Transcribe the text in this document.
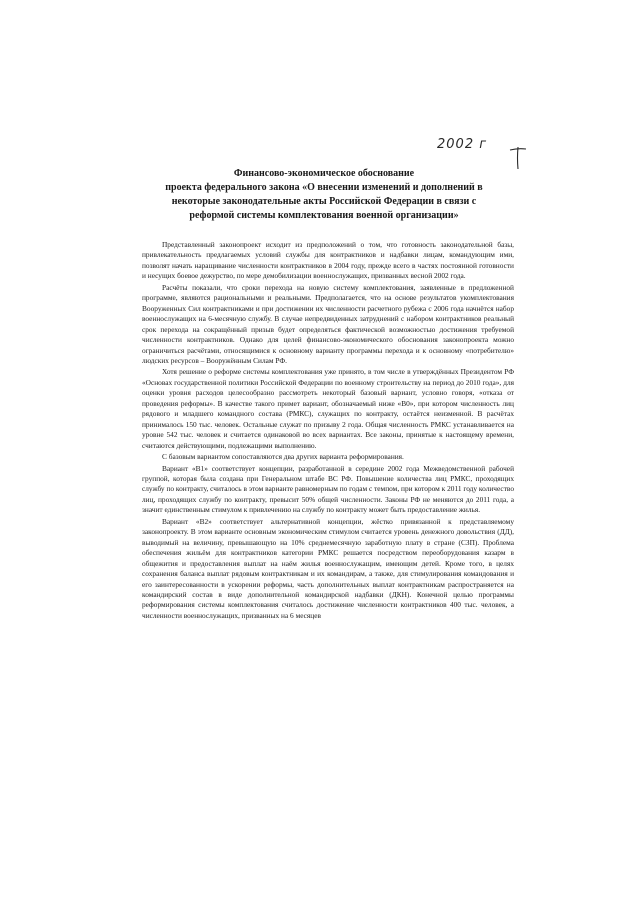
2002 г
Финансово-экономическое обоснование
проекта федерального закона «О внесении изменений и дополнений в
некоторые законодательные акты Российской Федерации в связи с
реформой системы комплектования военной организации»

Представленный законопроект исходит из предположений о том, что готовность законодательной базы, привлекательность предлагаемых условий службы для контрактников и надбавки лицам, командующим ими, позволят начать наращивание численности контрактников в 2004 году, прежде всего в частях постоянной готовности и несущих боевое дежурство, по мере демобилизации военнослужащих, призванных весной 2002 года.

Расчёты показали, что сроки перехода на новую систему комплектования, заявленные в предложенной программе, являются рациональными и реальными. Предполагается, что на основе результатов укомплектования Вооруженных Сил контрактниками и при достижении их численности расчетного рубежа с 2006 года начнётся набор военнослужащих на 6-месячную службу. В случае непредвиденных затруднений с набором контрактников реальный срок перехода на сокращённый призыв будет определяться фактической возможностью достижения требуемой численности контрактников. Однако для целей финансово-экономического обоснования законопроекта можно ограничиться расчётами, относящимися к основному варианту программы перехода и к основному «потребителю» людских ресурсов – Вооружённым Силам РФ.

Хотя решение о реформе системы комплектования уже принято, в том числе в утверждённых Президентом РФ «Основах государственной политики Российской Федерации по военному строительству на период до 2010 года», для оценки уровня расходов целесообразно рассмотреть некоторый базовый вариант, условно говоря, «отказа от проведения реформы». В качестве такого примет вариант, обозначаемый ниже «В0», при котором численность лиц рядового и младшего командного состава (РМКС), служащих по контракту, остаётся неизменной. В расчётах принималось 150 тыс. человек. Остальные служат по призыву 2 года. Общая численность РМКС устанавливается на уровне 542 тыс. человек и считается одинаковой во всех вариантах. Все законы, принятые к настоящему времени, считаются действующими, подлежащими выполнению.

С базовым вариантом сопоставляются два других варианта реформирования.

Вариант «В1» соответствует концепции, разработанной в середине 2002 года Межведомственной рабочей группой, которая была создана при Генеральном штабе ВС РФ. Повышение количества лиц РМКС, проходящих службу по контракту, считалось в этом варианте равномерным по годам с темпом, при котором к 2011 году количество лиц, проходящих службу по контракту, превысит 50% общей численности. Законы РФ не меняются до 2011 года, а значит единственным стимулом к привлечению на службу по контракту может быть предоставление жилья.

Вариант «В2» соответствует альтернативной концепции, жёстко привязанной к представляемому законопроекту. В этом варианте основным экономическим стимулом считается уровень денежного довольствия (ДД), выводимый на величину, превышающую на 10% среднемесячную заработную плату в стране (СЗП). Проблема обеспечения жильём для контрактников категории РМКС решается посредством переоборудования казарм в общежития и предоставления выплат на наём жилья военнослужащим, имеющим детей. Кроме того, в целях сохранения баланса выплат рядовым контрактникам и их командирам, а также, для стимулирования командования и его заинтересованности в ускорении реформы, часть дополнительных выплат контрактникам распространяется на командирский состав в виде дополнительной командирской надбавки (ДКН). Конечной целью программы реформирования системы комплектования считалось достижение численности контрактников 400 тыс. человек, а численности военнослужащих, призванных на 6 месяцев
